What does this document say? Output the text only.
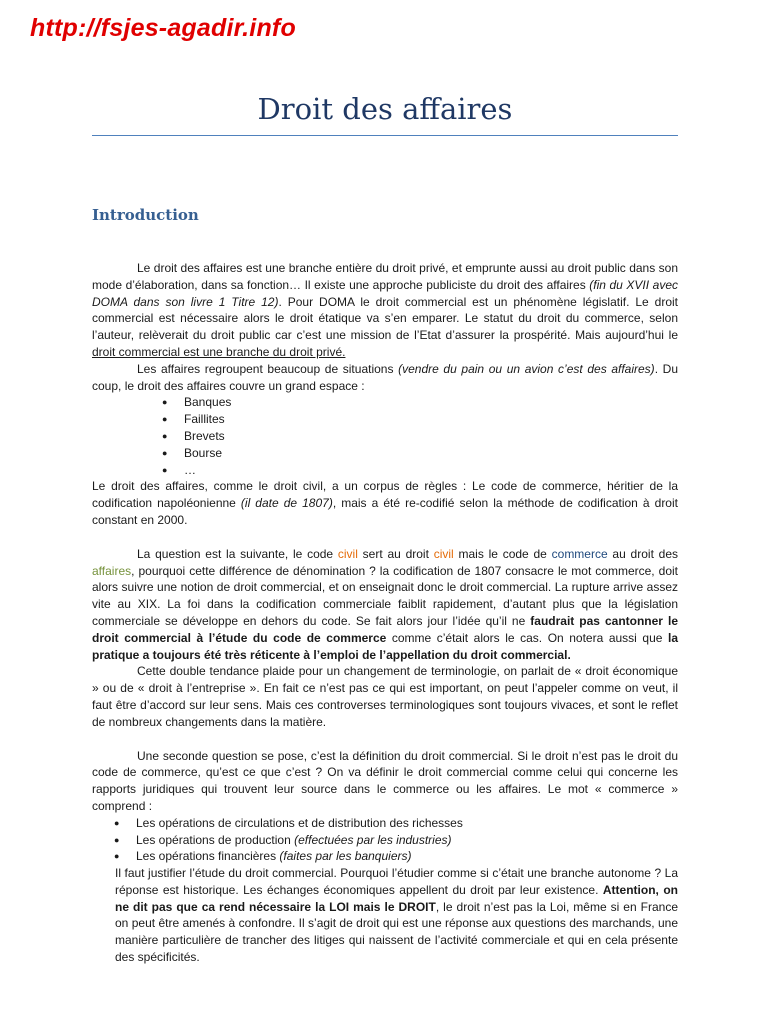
http://fsjes-agadir.info
Droit des affaires
Introduction

Le droit des affaires est une branche entière du droit privé, et emprunte aussi au droit public dans son mode d’élaboration, dans sa fonction… Il existe une approche publiciste du droit des affaires (fin du XVII avec DOMA dans son livre 1 Titre 12). Pour DOMA le droit commercial est un phénomène législatif. Le droit commercial est nécessaire alors le droit étatique va s’en emparer. Le statut du droit du commerce, selon l’auteur, relèverait du droit public car c’est une mission de l’Etat d’assurer la prospérité. Mais aujourd’hui le droit commercial est une branche du droit privé.

Les affaires regroupent beaucoup de situations (vendre du pain ou un avion c’est des affaires). Du coup, le droit des affaires couvre un grand espace :

● Banques
● Faillites
● Brevets
● Bourse
● …

Le droit des affaires, comme le droit civil, a un corpus de règles : Le code de commerce, héritier de la codification napoléonienne (il date de 1807), mais a été re-codifié selon la méthode de codification à droit constant en 2000.

La question est la suivante, le code civil sert au droit civil mais le code de commerce au droit des affaires, pourquoi cette différence de dénomination ? la codification de 1807 consacre le mot commerce, doit alors suivre une notion de droit commercial, et on enseignait donc le droit commercial. La rupture arrive assez vite au XIX. La foi dans la codification commerciale faiblit rapidement, d’autant plus que la législation commerciale se développe en dehors du code. Se fait alors jour l’idée qu’il ne faudrait pas cantonner le droit commercial à l’étude du code de commerce comme c’était alors le cas. On notera aussi que la pratique a toujours été très réticente à l’emploi de l’appellation du droit commercial.

Cette double tendance plaide pour un changement de terminologie, on parlait de « droit économique » ou de « droit à l’entreprise ». En fait ce n’est pas ce qui est important, on peut l’appeler comme on veut, il faut être d’accord sur leur sens. Mais ces controverses terminologiques sont toujours vivaces, et sont le reflet de nombreux changements dans la matière.

Une seconde question se pose, c’est la définition du droit commercial. Si le droit n’est pas le droit du code de commerce, qu’est ce que c’est ? On va définir le droit commercial comme celui qui concerne les rapports juridiques qui trouvent leur source dans le commerce ou les affaires. Le mot « commerce » comprend :

● Les opérations de circulations et de distribution des richesses
● Les opérations de production (effectuées par les industries)
● Les opérations financières (faites par les banquiers)

Il faut justifier l’étude du droit commercial. Pourquoi l’étudier comme si c’était une branche autonome ? La réponse est historique. Les échanges économiques appellent du droit par leur existence. Attention, on ne dit pas que ca rend nécessaire la LOI mais le DROIT, le droit n’est pas la Loi, même si en France on peut être amenés à confondre. Il s’agit de droit qui est une réponse aux questions des marchands, une manière particulière de trancher des litiges qui naissent de l’activité commerciale et qui en cela présente des spécificités.
